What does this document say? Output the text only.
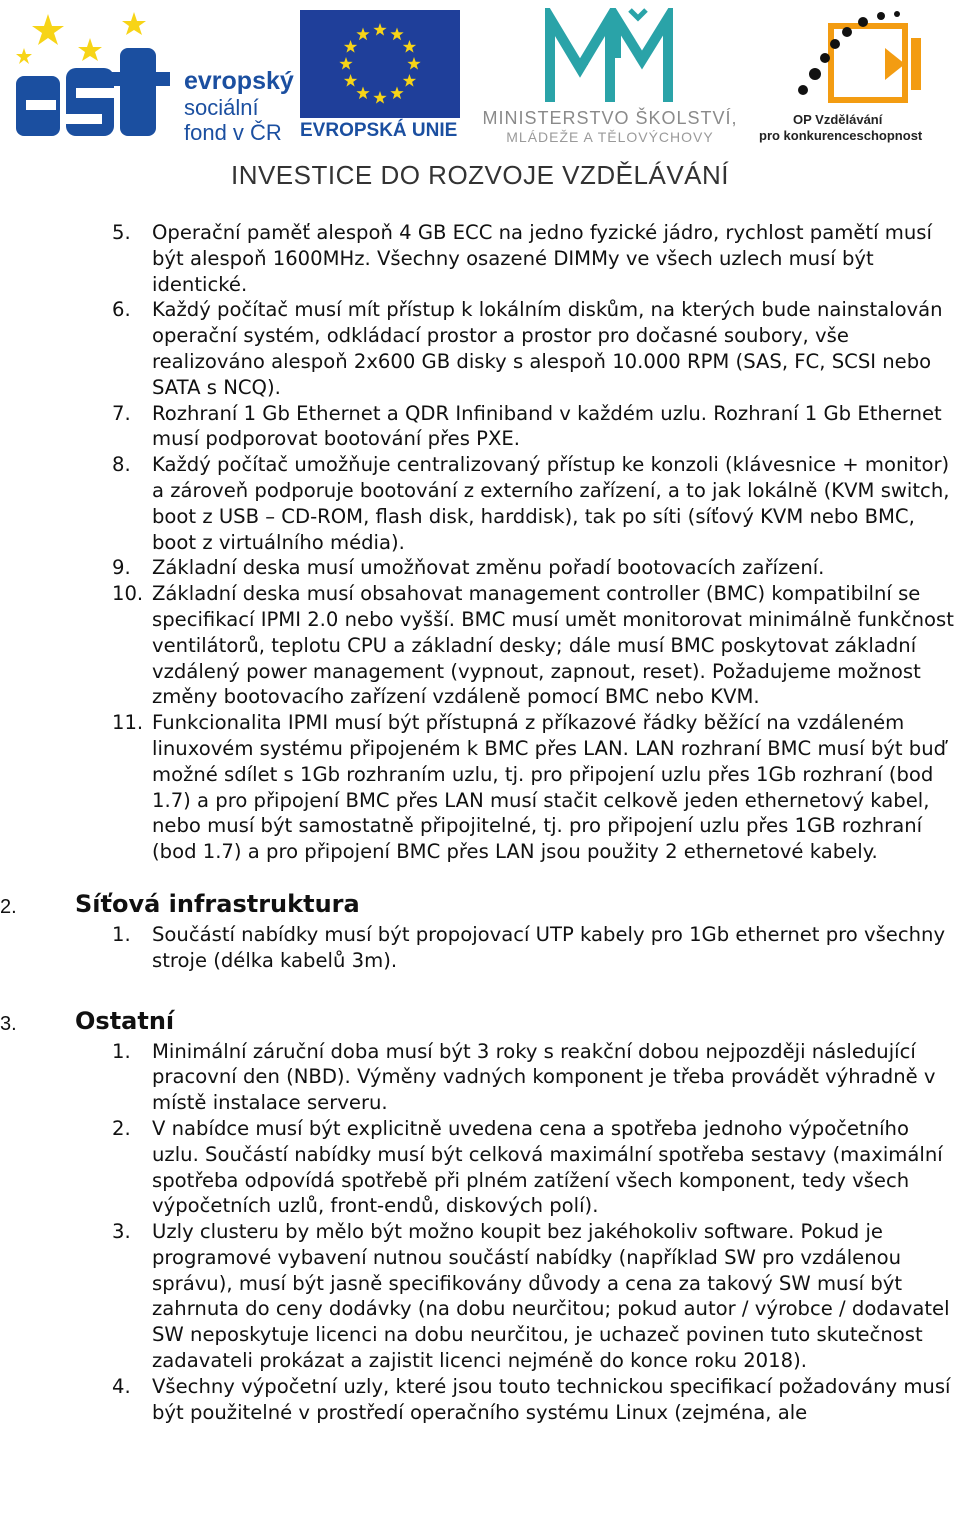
evropský
sociální
fond v ČR EVROPSKÁ UNIE
MINISTERSTVO ŠKOLSTVÍ,
MLÁDEŽE A TĚLOVÝCHOVY
OP Vzdělávání
pro konkurenceschopnost
INVESTICE DO ROZVOJE VZDĚLÁVÁNÍ
5. Operační paměť alespoň 4 GB ECC na jedno fyzické jádro, rychlost pamětí musí být alespoň 1600MHz. Všechny osazené DIMMy ve všech uzlech musí být identické.
6. Každý počítač musí mít přístup k lokálním diskům, na kterých bude nainstalován operační systém, odkládací prostor a prostor pro dočasné soubory, vše realizováno alespoň 2x600 GB disky s alespoň 10.000 RPM (SAS, FC, SCSI nebo SATA s NCQ).
7. Rozhraní 1 Gb Ethernet a QDR Infiniband v každém uzlu. Rozhraní 1 Gb Ethernet musí podporovat bootování přes PXE.
8. Každý počítač umožňuje centralizovaný přístup ke konzoli (klávesnice + monitor) a zároveň podporuje bootování z externího zařízení, a to jak lokálně (KVM switch, boot z USB – CD-ROM, flash disk, harddisk), tak po síti (síťový KVM nebo BMC, boot z virtuálního média).
9. Základní deska musí umožňovat změnu pořadí bootovacích zařízení.
10. Základní deska musí obsahovat management controller (BMC) kompatibilní se specifikací IPMI 2.0 nebo vyšší. BMC musí umět monitorovat minimálně funkčnost ventilátorů, teplotu CPU a základní desky; dále musí BMC poskytovat základní vzdálený power management (vypnout, zapnout, reset). Požadujeme možnost změny bootovacího zařízení vzdáleně pomocí BMC nebo KVM.
11. Funkcionalita IPMI musí být přístupná z příkazové řádky běžící na vzdáleném linuxovém systému připojeném k BMC přes LAN. LAN rozhraní BMC musí být buď možné sdílet s 1Gb rozhraním uzlu, tj. pro připojení uzlu přes 1Gb rozhraní (bod 1.7) a pro připojení BMC přes LAN musí stačit celkově jeden ethernetový kabel, nebo musí být samostatně připojitelné, tj. pro připojení uzlu přes 1GB rozhraní (bod 1.7) a pro připojení BMC přes LAN jsou použity 2 ethernetové kabely.
2. Síťová infrastruktura
1. Součástí nabídky musí být propojovací UTP kabely pro 1Gb ethernet pro všechny stroje (délka kabelů 3m).
3. Ostatní
1. Minimální záruční doba musí být 3 roky s reakční dobou nejpozději následující pracovní den (NBD). Výměny vadných komponent je třeba provádět výhradně v místě instalace serveru.
2. V nabídce musí být explicitně uvedena cena a spotřeba jednoho výpočetního uzlu. Součástí nabídky musí být celková maximální spotřeba sestavy (maximální spotřeba odpovídá spotřebě při plném zatížení všech komponent, tedy všech výpočetních uzlů, front-endů, diskových polí).
3. Uzly clusteru by mělo být možno koupit bez jakéhokoliv software. Pokud je programové vybavení nutnou součástí nabídky (například SW pro vzdálenou správu), musí být jasně specifikovány důvody a cena za takový SW musí být zahrnuta do ceny dodávky (na dobu neurčitou; pokud autor / výrobce / dodavatel SW neposkytuje licenci na dobu neurčitou, je uchazeč povinen tuto skutečnost zadavateli prokázat a zajistit licenci nejméně do konce roku 2018).
4. Všechny výpočetní uzly, které jsou touto technickou specifikací požadovány musí být použitelné v prostředí operačního systému Linux (zejména, ale
